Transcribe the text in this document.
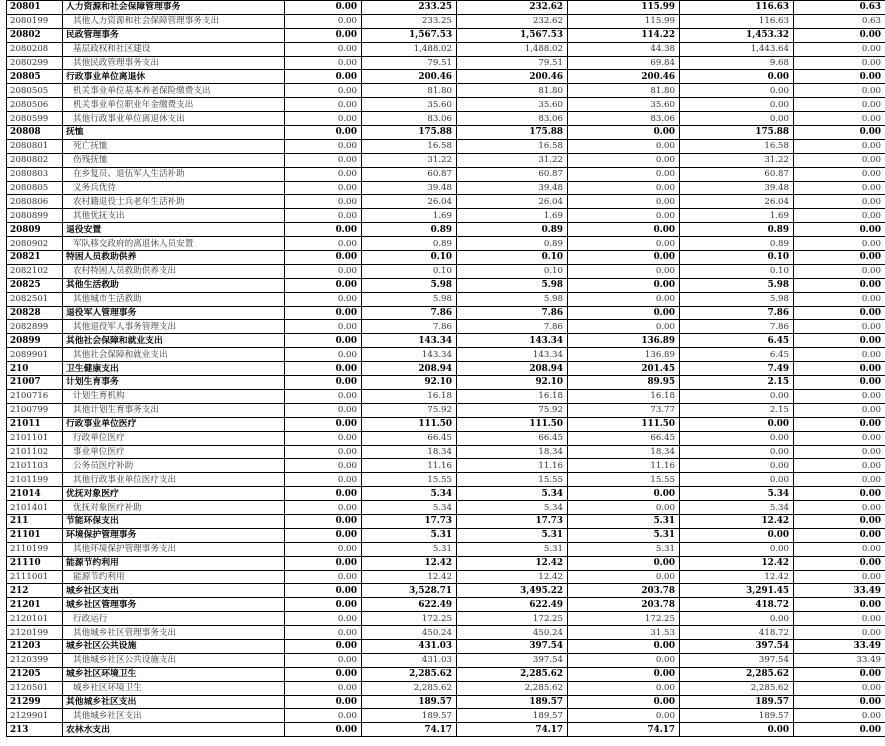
20801	人力资源和社会保障管理事务	0.00	233.25	232.62	115.99	116.63	0.63
2080199	其他人力资源和社会保障管理事务支出	0.00	233.25	232.62	115.99	116.63	0.63
20802	民政管理事务	0.00	1,567.53	1,567.53	114.22	1,453.32	0.00
2080208	基层政权和社区建设	0.00	1,488.02	1,488.02	44.38	1,443.64	0.00
2080299	其他民政管理事务支出	0.00	79.51	79.51	69.84	9.68	0.00
20805	行政事业单位离退休	0.00	200.46	200.46	200.46	0.00	0.00
2080505	机关事业单位基本养老保险缴费支出	0.00	81.80	81.80	81.80	0.00	0.00
2080506	机关事业单位职业年金缴费支出	0.00	35.60	35.60	35.60	0.00	0.00
2080599	其他行政事业单位离退休支出	0.00	83.06	83.06	83.06	0.00	0.00
20808	抚恤	0.00	175.88	175.88	0.00	175.88	0.00
2080801	死亡抚恤	0.00	16.58	16.58	0.00	16.58	0.00
2080802	伤残抚恤	0.00	31.22	31.22	0.00	31.22	0.00
2080803	在乡复员、退伍军人生活补助	0.00	60.87	60.87	0.00	60.87	0.00
2080805	义务兵优待	0.00	39.48	39.48	0.00	39.48	0.00
2080806	农村籍退役士兵老年生活补助	0.00	26.04	26.04	0.00	26.04	0.00
2080899	其他优抚支出	0.00	1.69	1.69	0.00	1.69	0.00
20809	退役安置	0.00	0.89	0.89	0.00	0.89	0.00
2080902	军队移交政府的离退休人员安置	0.00	0.89	0.89	0.00	0.89	0.00
20821	特困人员救助供养	0.00	0.10	0.10	0.00	0.10	0.00
2082102	农村特困人员救助供养支出	0.00	0.10	0.10	0.00	0.10	0.00
20825	其他生活救助	0.00	5.98	5.98	0.00	5.98	0.00
2082501	其他城市生活救助	0.00	5.98	5.98	0.00	5.98	0.00
20828	退役军人管理事务	0.00	7.86	7.86	0.00	7.86	0.00
2082899	其他退役军人事务管理支出	0.00	7.86	7.86	0.00	7.86	0.00
20899	其他社会保障和就业支出	0.00	143.34	143.34	136.89	6.45	0.00
2089901	其他社会保障和就业支出	0.00	143.34	143.34	136.89	6.45	0.00
210	卫生健康支出	0.00	208.94	208.94	201.45	7.49	0.00
21007	计划生育事务	0.00	92.10	92.10	89.95	2.15	0.00
2100716	计划生育机构	0.00	16.18	16.18	16.18	0.00	0.00
2100799	其他计划生育事务支出	0.00	75.92	75.92	73.77	2.15	0.00
21011	行政事业单位医疗	0.00	111.50	111.50	111.50	0.00	0.00
2101101	行政单位医疗	0.00	66.45	66.45	66.45	0.00	0.00
2101102	事业单位医疗	0.00	18.34	18.34	18.34	0.00	0.00
2101103	公务员医疗补助	0.00	11.16	11.16	11.16	0.00	0.00
2101199	其他行政事业单位医疗支出	0.00	15.55	15.55	15.55	0.00	0.00
21014	优抚对象医疗	0.00	5.34	5.34	0.00	5.34	0.00
2101401	优抚对象医疗补助	0.00	5.34	5.34	0.00	5.34	0.00
211	节能环保支出	0.00	17.73	17.73	5.31	12.42	0.00
21101	环境保护管理事务	0.00	5.31	5.31	5.31	0.00	0.00
2110199	其他环境保护管理事务支出	0.00	5.31	5.31	5.31	0.00	0.00
21110	能源节约利用	0.00	12.42	12.42	0.00	12.42	0.00
2111001	能源节约利用	0.00	12.42	12.42	0.00	12.42	0.00
212	城乡社区支出	0.00	3,528.71	3,495.22	203.78	3,291.45	33.49
21201	城乡社区管理事务	0.00	622.49	622.49	203.78	418.72	0.00
2120101	行政运行	0.00	172.25	172.25	172.25	0.00	0.00
2120199	其他城乡社区管理事务支出	0.00	450.24	450.24	31.53	418.72	0.00
21203	城乡社区公共设施	0.00	431.03	397.54	0.00	397.54	33.49
2120399	其他城乡社区公共设施支出	0.00	431.03	397.54	0.00	397.54	33.49
21205	城乡社区环境卫生	0.00	2,285.62	2,285.62	0.00	2,285.62	0.00
2120501	城乡社区环境卫生	0.00	2,285.62	2,285.62	0.00	2,285.62	0.00
21299	其他城乡社区支出	0.00	189.57	189.57	0.00	189.57	0.00
2129901	其他城乡社区支出	0.00	189.57	189.57	0.00	189.57	0.00
213	农林水支出	0.00	74.17	74.17	74.17	0.00	0.00
